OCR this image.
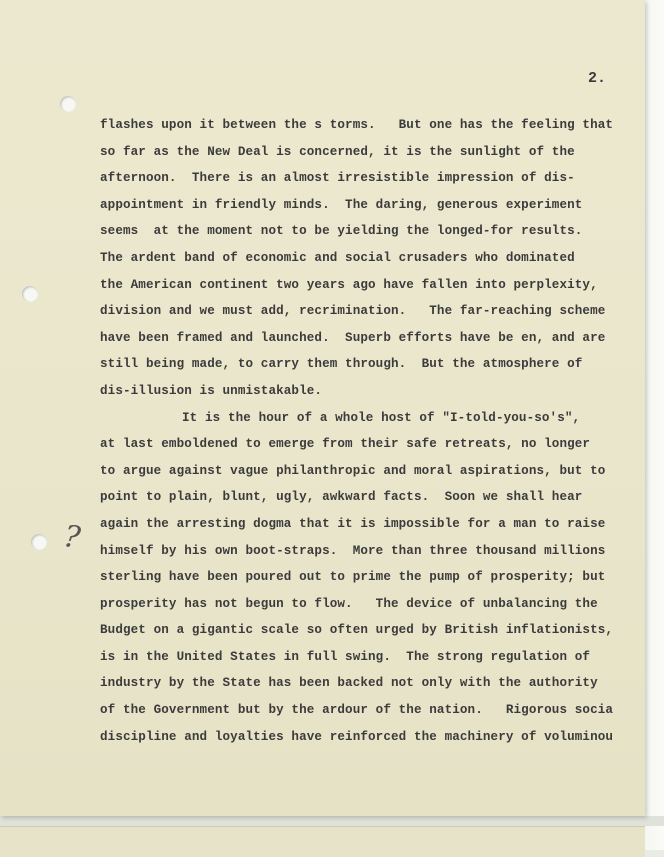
2.
?
flashes upon it between the s torms.   But one has the feeling that
so far as the New Deal is concerned, it is the sunlight of the
afternoon.  There is an almost irresistible impression of dis-
appointment in friendly minds.  The daring, generous experiment
seems  at the moment not to be yielding the longed-for results.
The ardent band of economic and social crusaders who dominated
the American continent two years ago have fallen into perplexity,
division and we must add, recrimination.   The far-reaching scheme
have been framed and launched.  Superb efforts have be en, and are
still being made, to carry them through.  But the atmosphere of
dis-illusion is unmistakable.
It is the hour of a whole host of "I-told-you-so's",
at last emboldened to emerge from their safe retreats, no longer
to argue against vague philanthropic and moral aspirations, but to
point to plain, blunt, ugly, awkward facts.  Soon we shall hear
again the arresting dogma that it is impossible for a man to raise
himself by his own boot-straps.  More than three thousand millions
sterling have been poured out to prime the pump of prosperity; but
prosperity has not begun to flow.   The device of unbalancing the
Budget on a gigantic scale so often urged by British inflationists,
is in the United States in full swing.  The strong regulation of
industry by the State has been backed not only with the authority
of the Government but by the ardour of the nation.   Rigorous socia
discipline and loyalties have reinforced the machinery of voluminou
